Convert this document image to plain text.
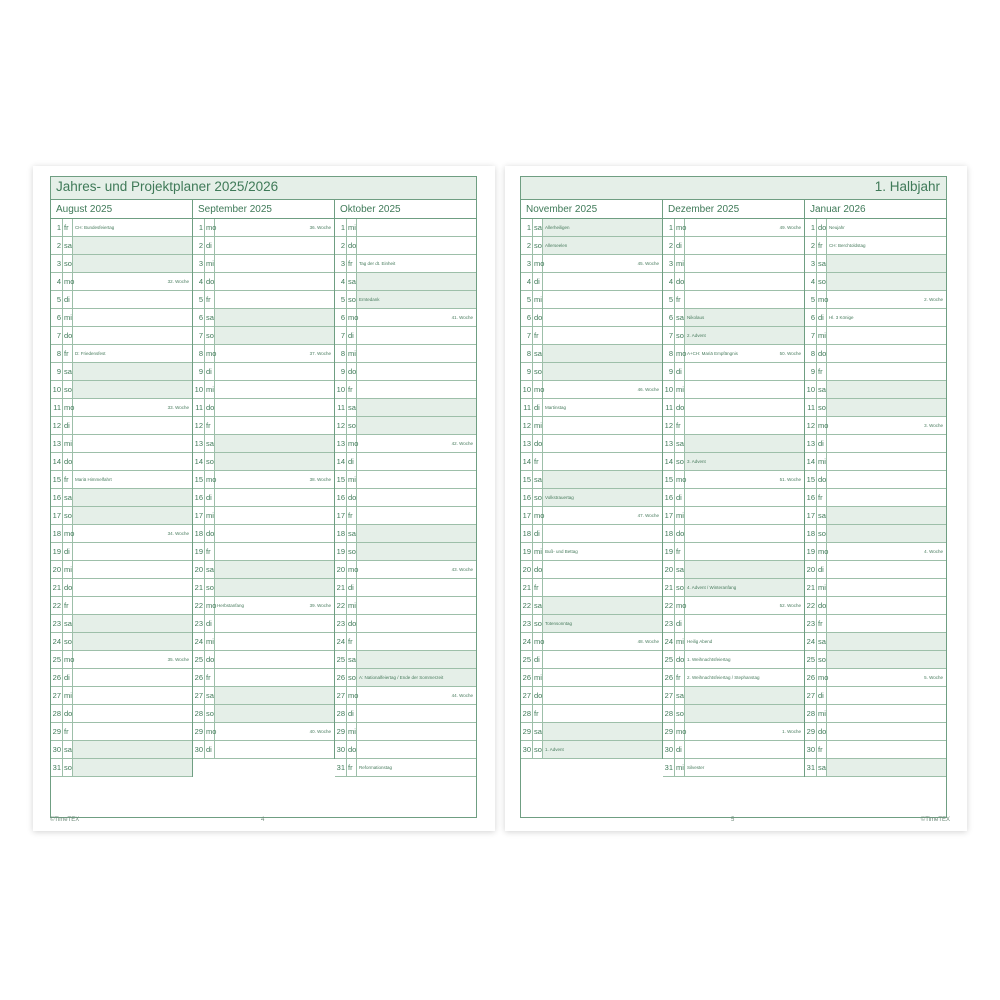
Jahres- und Projektplaner 2025/2026
August 2025
1 fr	CH: Bundesfeiertag
2 sa
3 so
4 mo	32. Woche
5 di
6 mi
7 do
8 fr	D: Friedensfest
9 sa
10 so
11 mo	33. Woche
12 di
13 mi
14 do
15 fr	Mariä Himmelfahrt
16 sa
17 so
18 mo	34. Woche
19 di
20 mi
21 do
22 fr
23 sa
24 so
25 mo	35. Woche
26 di
27 mi
28 do
29 fr
30 sa
31 so
September 2025
1 mo	36. Woche
2 di
3 mi
4 do
5 fr
6 sa
7 so
8 mo	37. Woche
9 di
10 mi
11 do
12 fr
13 sa
14 so
15 mo	38. Woche
16 di
17 mi
18 do
19 fr
20 sa
21 so
22 mo Herbstanfang	39. Woche
23 di
24 mi
25 do
26 fr
27 sa
28 so
29 mo	40. Woche
30 di
Oktober 2025
1 mi
2 do
3 fr	Tag der dt. Einheit
4 sa
5 so Erntedank
6 mo	41. Woche
7 di
8 mi
9 do
10 fr
11 sa
12 so
13 mo	42. Woche
14 di
15 mi
16 do
17 fr
18 sa
19 so
20 mo	43. Woche
21 di
22 mi
23 do
24 fr
25 sa
26 so A: Nationalfeiertag / Ende der Sommerzeit
27 mo	44. Woche
28 di
29 mi
30 do
31 fr	Reformationstag
©TimeTEX	4
1. Halbjahr
November 2025
1 sa Allerheiligen
2 so Allerseelen
3 mo	45. Woche
4 di
5 mi
6 do
7 fr
8 sa
9 so
10 mo	46. Woche
11 di	Martinstag
12 mi
13 do
14 fr
15 sa
16 so Volkstrauertag
17 mo	47. Woche
18 di
19 mi Buß- und Bettag
20 do
21 fr
22 sa
23 so Totensonntag
24 mo	48. Woche
25 di
26 mi
27 do
28 fr
29 sa
30 so 1. Advent
Dezember 2025
1 mo	49. Woche
2 di
3 mi
4 do
5 fr
6 sa Nikolaus
7 so 2. Advent
8 mo A+CH: Mariä Empfängnis	50. Woche
9 di
10 mi
11 do
12 fr
13 sa
14 so 3. Advent
15 mo	51. Woche
16 di
17 mi
18 do
19 fr
20 sa
21 so 4. Advent / Winteranfang
22 mo	52. Woche
23 di
24 mi Heilig Abend
25 do 1. Weihnachtsfeiertag
26 fr	2. Weihnachtsfeiertag / Stephanstag
27 sa
28 so
29 mo	1. Woche
30 di
31 mi Silvester
Januar 2026
1 do Neujahr
2 fr	CH: Berchtoldstag
3 sa
4 so
5 mo	2. Woche
6 di	Hl. 3 Könige
7 mi
8 do
9 fr
10 sa
11 so
12 mo	3. Woche
13 di
14 mi
15 do
16 fr
17 sa
18 so
19 mo	4. Woche
20 di
21 mi
22 do
23 fr
24 sa
25 so
26 mo	5. Woche
27 di
28 mi
29 do
30 fr
31 sa
5	©TimeTEX
